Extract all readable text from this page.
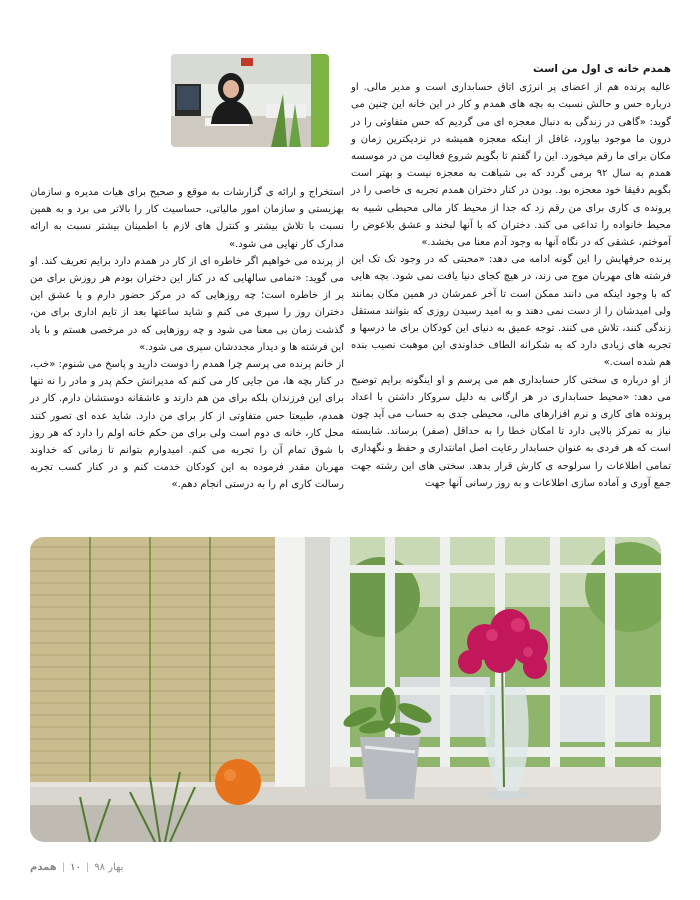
همدم خانه ی اول من است

عالیه پرنده هم از اعضای پر انرژی اتاق حسابداری است و مدیر مالی. او درباره حس و حالش نسبت به بچه های همدم و کار در این خانه این چنین می گوید: «گاهی در زندگی به دنبال معجزه ای می گردیم که حس متفاوتی را در درون ما موجود بیاورد، غافل از اینکه معجزه همیشه در نزدیکترین زمان و مکان برای ما رقم میخورد. این را گفتم تا بگویم شروع فعالیت من در موسسه همدم به سال ۹۲ برمی گردد که بی شباهت به معجزه نیست و بهتر است بگویم دقیقا خود معجزه بود. بودن در کنار دختران همدم تجربه ی خاصی را در پرونده ی کاری برای من رقم زد که جدا از محیط کار مالی محیطی شبیه به محیط خانواده را تداعی می کند. دختران که با آنها لبخند و عشق بلاعوض را آموختم، عشقی که در نگاه آنها به وجود آدم معنا می بخشد.»

پرنده حرفهایش را این گونه ادامه می دهد: «محبتی که در وجود تک تک این فرشته های مهربان موج می زند، در هیچ کجای دنیا یافت نمی شود. بچه هایی که با وجود اینکه می دانند ممکن است تا آخر عمرشان در همین مکان بمانند ولی امیدشان را از دست نمی دهند و به امید رسیدن روزی که بتوانند مستقل زندگی کنند، تلاش می کنند. توجه عمیق به دنیای این کودکان برای ما درسها و تجربه های زیادی دارد که به شکرانه الطاف خداوندی این موهبت نصیب بنده هم شده است.»

از او درباره ی سختی کار حسابداری هم می پرسم و او اینگونه برایم توضیح می دهد: «محیط حسابداری در هر ارگانی به دلیل سروکار داشتن با اعداد پرونده های کاری و نرم افزارهای مالی، محیطی جدی به حساب می آید چون نیاز به تمرکز بالایی دارد تا امکان خطا را به حداقل (صفر) برساند. شایسته است که هر فردی به عنوان حسابدار رعایت اصل امانتداری و حفظ و نگهداری تمامی اطلاعات را سرلوحه ی کارش قرار بدهد. سختی های این رشته جهت جمع آوری و آماده سازی اطلاعات و به روز رسانی آنها جهت

استخراج و ارائه ی گزارشات به موقع و صحیح برای هیات مدیره و سازمان بهزیستی و سازمان امور مالیاتی، حساسیت کار را بالاتر می برد و به همین نسبت با تلاش بیشتر و کنترل های لازم با اطمینان بیشتر نسبت به ارائه مدارک کار نهایی می شود.»

از پرنده می خواهیم اگر خاطره ای از کار در همدم دارد برایم تعریف کند. او می گوید: «تمامی سالهایی که در کنار این دختران بودم هر روزش برای من پر از خاطره است؛ چه روزهایی که در مرکز حضور دارم و با عشق این دختران روز را سپری می کنم و شاید ساعتها بعد از تایم اداری برای من، گذشت زمان بی معنا می شود و چه روزهایی که در مرخصی هستم و با یاد این فرشته ها و دیدار مجددشان سپری می شود.»

از خانم پرنده می پرسم چرا همدم را دوست دارید و پاسخ می شنوم: «خب، در کنار بچه ها، من جایی کار می کنم که مدیرانش حکم پدر و مادر را نه تنها برای این فرزندان بلکه برای من هم دارند و عاشقانه دوستشان دارم. کار در همدم، طبیعتا حس متفاوتی از کار برای من دارد. شاید عده ای تصور کنند محل کار، خانه ی دوم است ولی برای من حکم خانه اولم را دارد که هر روز با شوق تمام آن را تجربه می کنم. امیدوارم بتوانم تا زمانی که خداوند مهربان مقدر فرموده به این کودکان خدمت کنم و در کنار کسب تجربه رسالت کاری ام را به درستی انجام دهم.»

بهار ۹۸
|
۱۰
|
همدم
